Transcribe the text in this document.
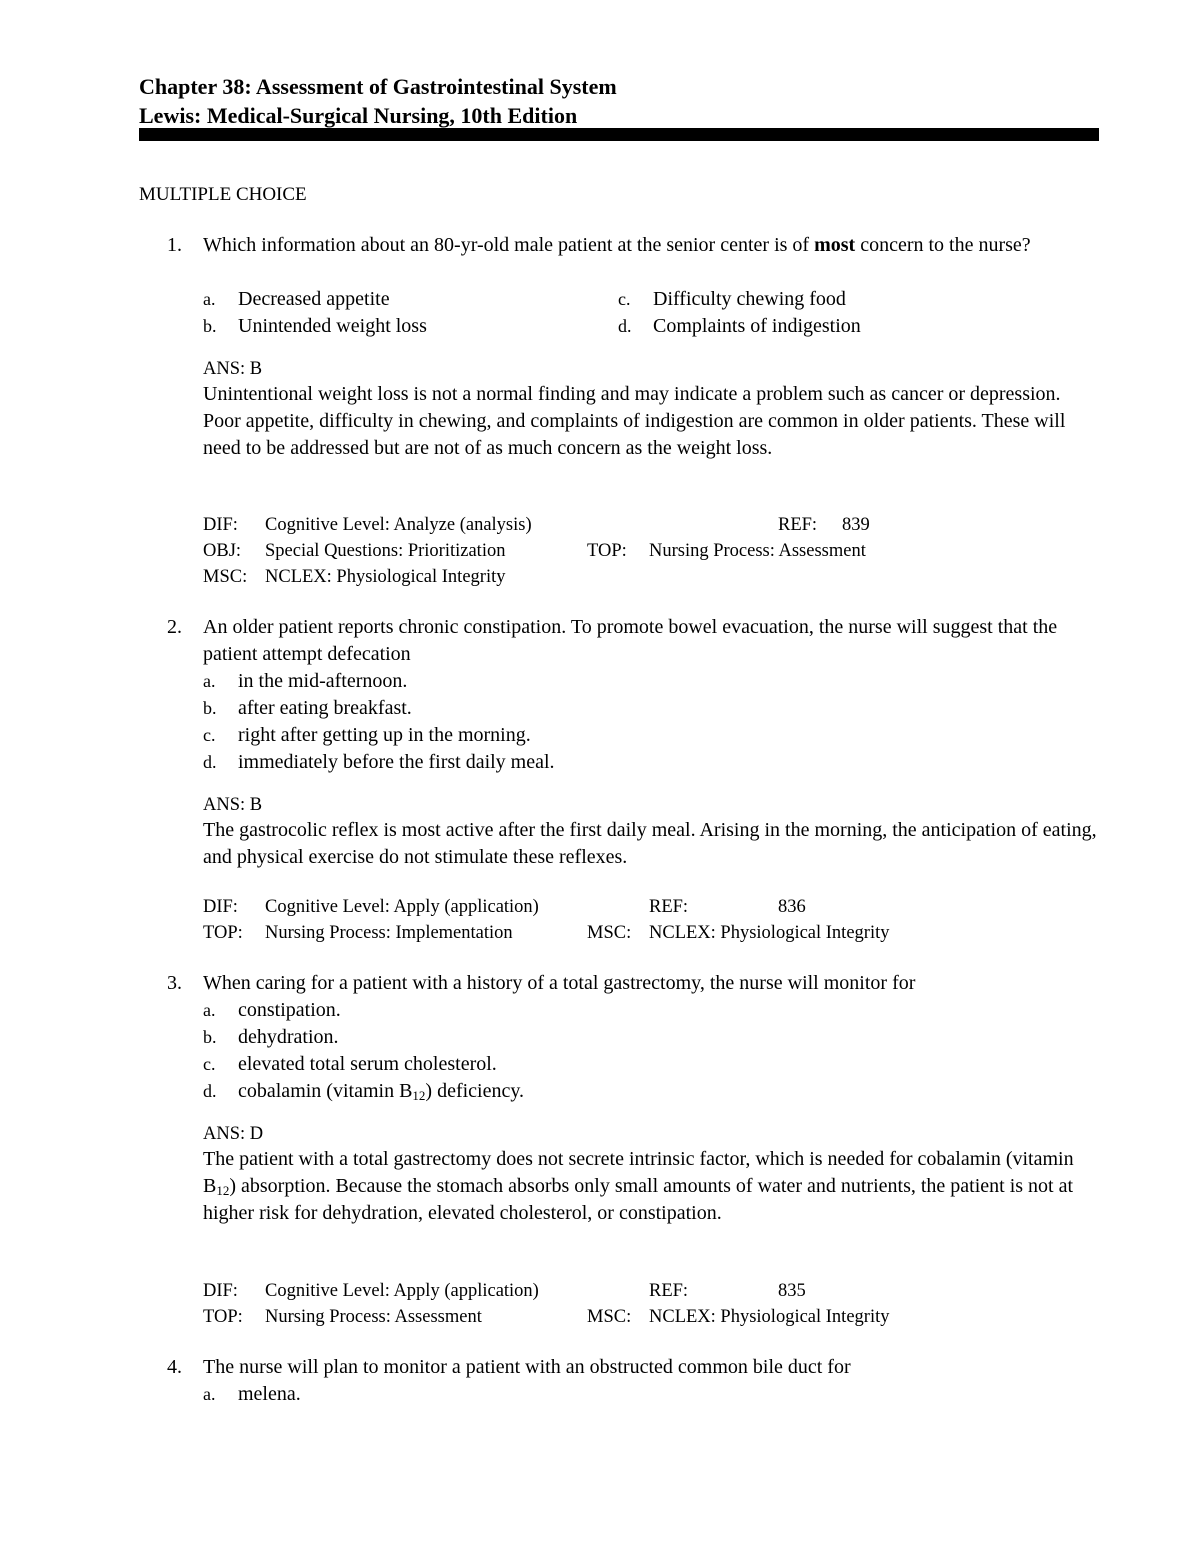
Chapter 38: Assessment of Gastrointestinal System
Lewis: Medical-Surgical Nursing, 10th Edition
MULTIPLE CHOICE
1. Which information about an 80-yr-old male patient at the senior center is of most concern to the nurse?
a. Decreased appetite
b. Unintended weight loss
c. Difficulty chewing food
d. Complaints of indigestion
ANS: B
Unintentional weight loss is not a normal finding and may indicate a problem such as cancer or depression. Poor appetite, difficulty in chewing, and complaints of indigestion are common in older patients. These will need to be addressed but are not of as much concern as the weight loss.
DIF: Cognitive Level: Analyze (analysis)	REF: 839
OBJ: Special Questions: Prioritization	TOP: Nursing Process: Assessment
MSC: NCLEX: Physiological Integrity
2. An older patient reports chronic constipation. To promote bowel evacuation, the nurse will suggest that the patient attempt defecation
a. in the mid-afternoon.
b. after eating breakfast.
c. right after getting up in the morning.
d. immediately before the first daily meal.
ANS: B
The gastrocolic reflex is most active after the first daily meal. Arising in the morning, the anticipation of eating, and physical exercise do not stimulate these reflexes.
DIF: Cognitive Level: Apply (application)	REF:	836
TOP: Nursing Process: Implementation	MSC: NCLEX: Physiological Integrity
3. When caring for a patient with a history of a total gastrectomy, the nurse will monitor for
a. constipation.
b. dehydration.
c. elevated total serum cholesterol.
d. cobalamin (vitamin $B_{12}$) deficiency.
ANS: D
The patient with a total gastrectomy does not secrete intrinsic factor, which is needed for cobalamin (vitamin $B_{12}$) absorption. Because the stomach absorbs only small amounts of water and nutrients, the patient is not at higher risk for dehydration, elevated cholesterol, or constipation.
DIF: Cognitive Level: Apply (application)	REF:	835
TOP: Nursing Process: Assessment	MSC: NCLEX: Physiological Integrity
4. The nurse will plan to monitor a patient with an obstructed common bile duct for
a. melena.
